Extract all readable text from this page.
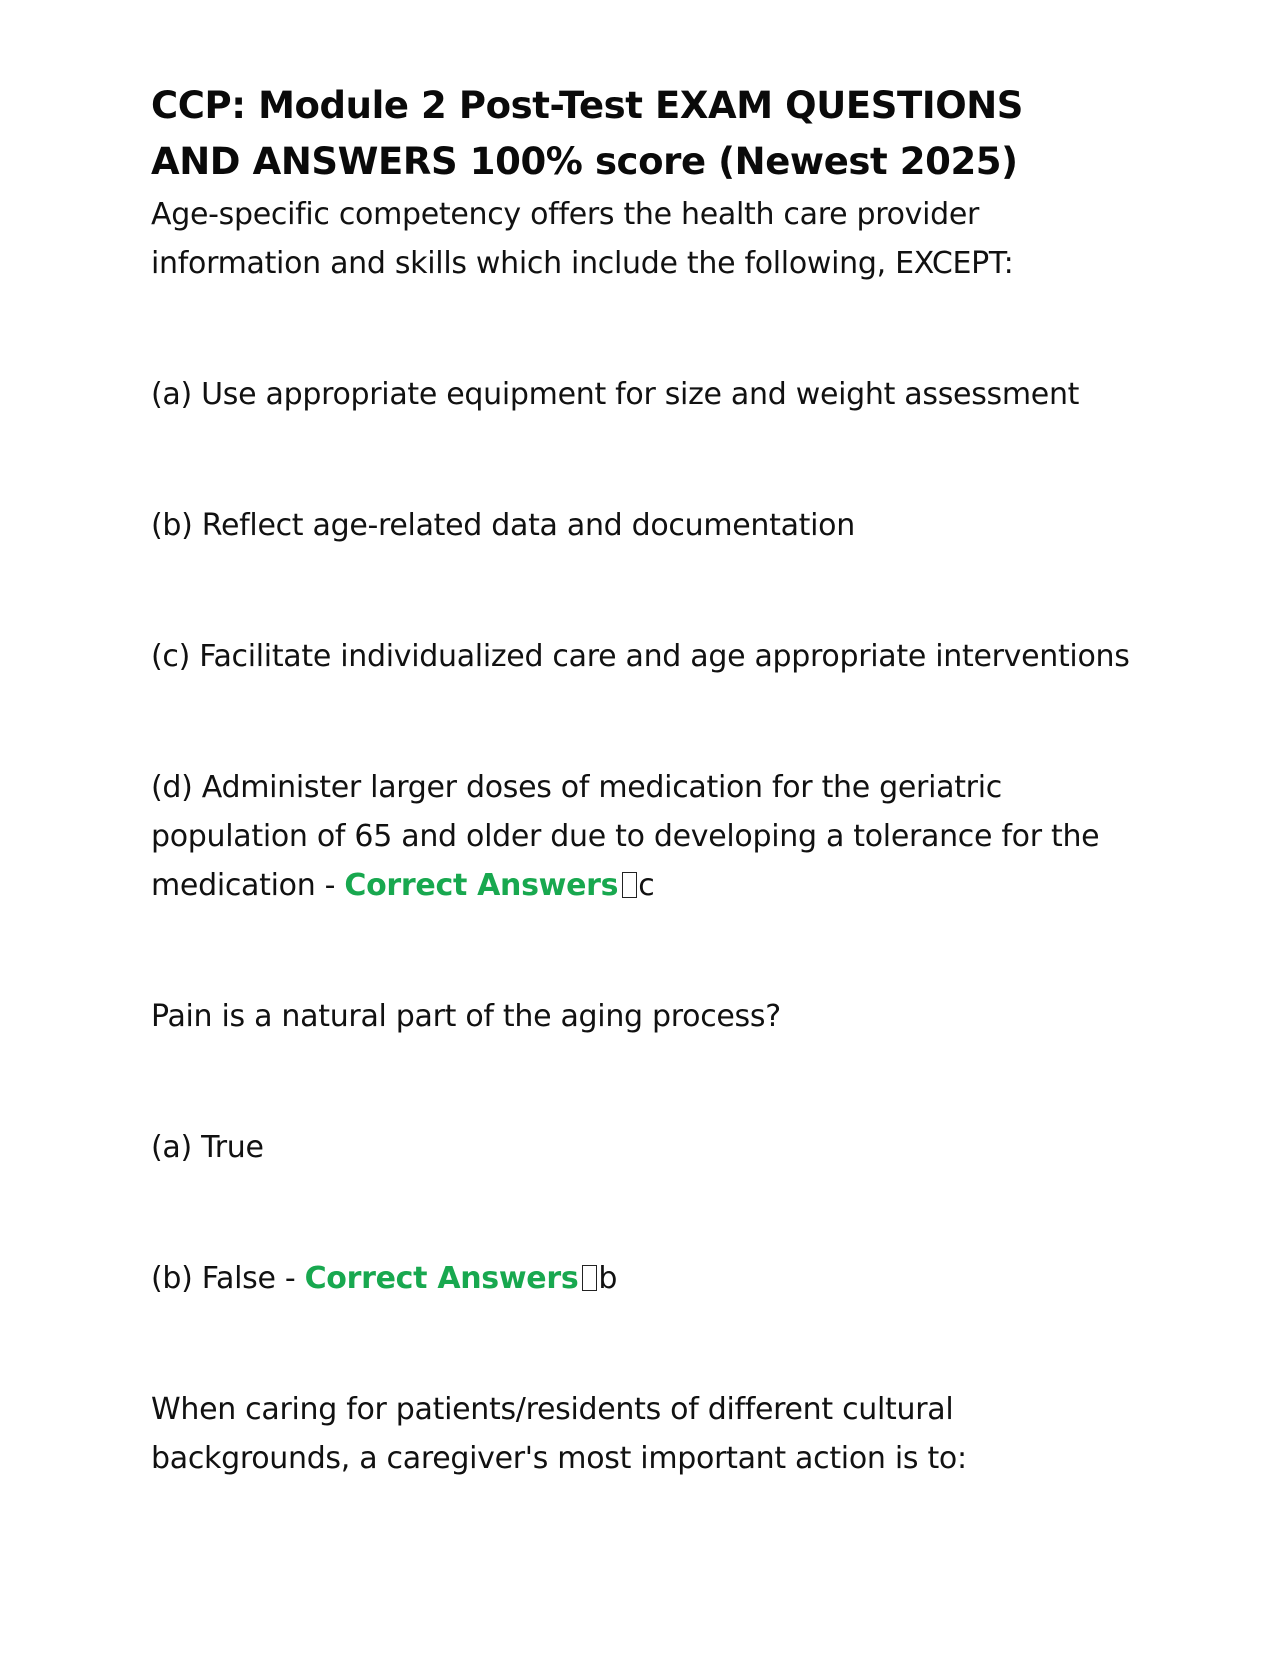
CCP: Module 2 Post-Test EXAM QUESTIONS
AND ANSWERS 100% score (Newest 2025)

Age-specific competency offers the health care provider information and skills which include the following, EXCEPT:

(a) Use appropriate equipment for size and weight assessment

(b) Reflect age-related data and documentation

(c) Facilitate individualized care and age appropriate interventions

(d) Administer larger doses of medication for the geriatric population of 65 and older due to developing a tolerance for the medication - Correct Answers c

Pain is a natural part of the aging process?

(a) True

(b) False - Correct Answers b

When caring for patients/residents of different cultural backgrounds, a caregiver's most important action is to:
